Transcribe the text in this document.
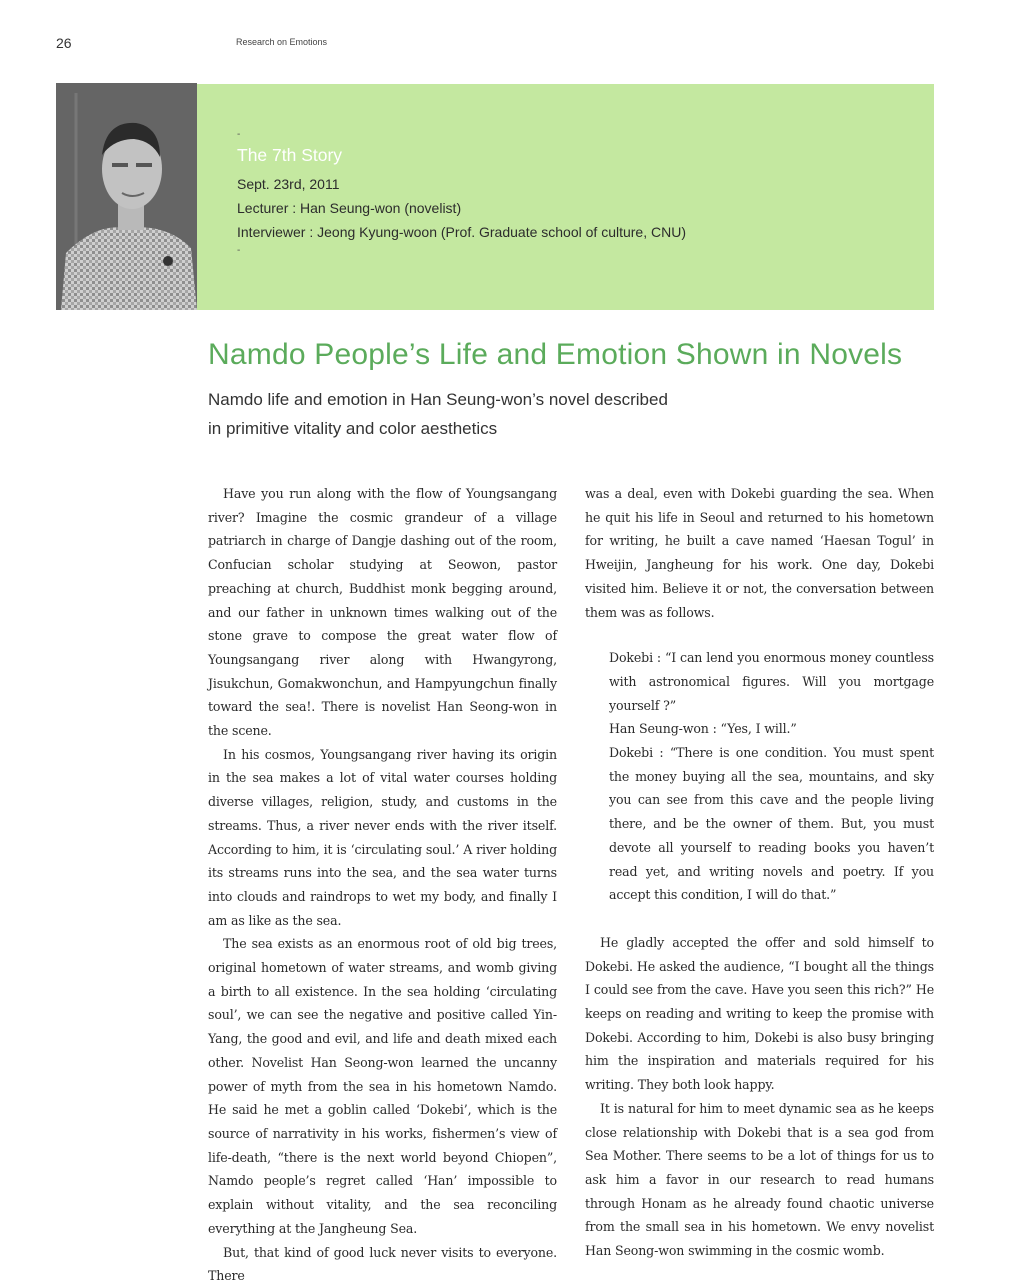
26	Research on Emotions
-
The 7th Story
Sept. 23rd, 2011
Lecturer : Han Seung-won (novelist)
Interviewer : Jeong Kyung-woon (Prof. Graduate school of culture, CNU)
-
Namdo People’s Life and Emotion Shown in Novels
Namdo life and emotion in Han Seung-won’s novel described
in primitive vitality and color aesthetics

Have you run along with the flow of Youngsangang river? Imagine the cosmic grandeur of a village patriarch in charge of Dangje dashing out of the room, Confucian scholar studying at Seowon, pastor preaching at church, Buddhist monk begging around, and our father in unknown times walking out of the stone grave to compose the great water flow of Youngsangang river along with Hwangyrong, Jisukchun, Gomakwonchun, and Hampyungchun finally toward the sea!. There is novelist Han Seong-won in the scene.

In his cosmos, Youngsangang river having its origin in the sea makes a lot of vital water courses holding diverse villages, religion, study, and customs in the streams. Thus, a river never ends with the river itself. According to him, it is ‘circulating soul.’ A river holding its streams runs into the sea, and the sea water turns into clouds and raindrops to wet my body, and finally I am as like as the sea.

The sea exists as an enormous root of old big trees, original hometown of water streams, and womb giving a birth to all existence. In the sea holding ‘circulating soul’, we can see the negative and positive called Yin-Yang, the good and evil, and life and death mixed each other. Novelist Han Seong-won learned the uncanny power of myth from the sea in his hometown Namdo. He said he met a goblin called ‘Dokebi’, which is the source of narrativity in his works, fishermen’s view of life-death, “there is the next world beyond Chiopen”, Namdo people’s regret called ‘Han’ impossible to explain without vitality, and the sea reconciling everything at the Jangheung Sea.

But, that kind of good luck never visits to everyone. There

was a deal, even with Dokebi guarding the sea. When he quit his life in Seoul and returned to his hometown for writing, he built a cave named ‘Haesan Togul’ in Hweijin, Jangheung for his work. One day, Dokebi visited him. Believe it or not, the conversation between them was as follows.

Dokebi : “I can lend you enormous money countless with astronomical figures. Will you mortgage yourself ?”
Han Seung-won : “Yes, I will.”
Dokebi : “There is one condition. You must spent the money buying all the sea, mountains, and sky you can see from this cave and the people living there, and be the owner of them. But, you must devote all yourself to reading books you haven’t read yet, and writing novels and poetry. If you accept this condition, I will do that.”

He gladly accepted the offer and sold himself to Dokebi. He asked the audience, “I bought all the things I could see from the cave. Have you seen this rich?” He keeps on reading and writing to keep the promise with Dokebi. According to him, Dokebi is also busy bringing him the inspiration and materials required for his writing. They both look happy.

It is natural for him to meet dynamic sea as he keeps close relationship with Dokebi that is a sea god from Sea Mother. There seems to be a lot of things for us to ask him a favor in our research to read humans through Honam as he already found chaotic universe from the small sea in his hometown. We envy novelist Han Seong-won swimming in the cosmic womb.
